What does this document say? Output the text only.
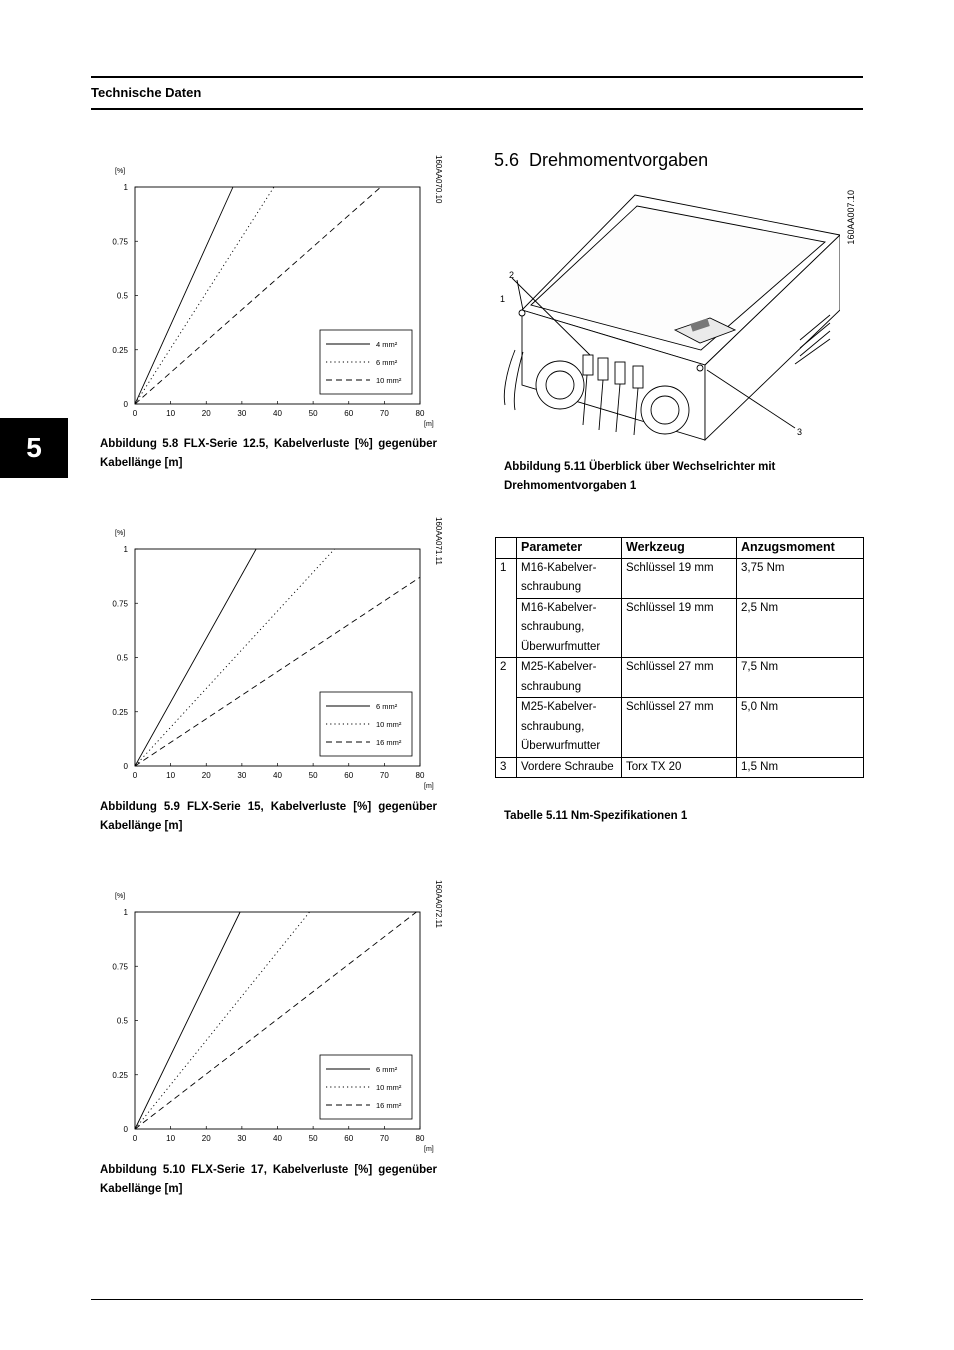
Technische Daten
5
0	10	20	30	40	50	60	70	80
0
0.25
0.5
0.75
1
[%]
[m]
160AA070.10
4 mm²
6 mm²
10 mm²
Abbildung 5.8 FLX-Serie 12.5, Kabelverluste [%] gegenüber Kabellänge [m]
0	10	20	30	40	50	60	70	80
0
0.25
0.5
0.75
1
[%]
[m]
160AA071.11
6 mm²
10 mm²
16 mm²
Abbildung 5.9 FLX-Serie 15, Kabelverluste [%] gegenüber Kabellänge [m]
0	10	20	30	40	50	60	70	80
0
0.25
0.5
0.75
1
[%]
[m]
160AA072.11
6 mm²
10 mm²
16 mm²
Abbildung 5.10 FLX-Serie 17, Kabelverluste [%] gegenüber Kabellänge [m]
5.6 Drehmomentvorgaben
160AA007.10
2
1
3
Abbildung 5.11 Überblick über Wechselrichter mit Drehmomentvorgaben 1
	Parameter	Werkzeug	Anzugsmoment
1	M16-Kabelver-schraubung	Schlüssel 19 mm	3,75 Nm
	M16-Kabelver-schraubung, Überwurfmutter	Schlüssel 19 mm	2,5 Nm
2	M25-Kabelver-schraubung	Schlüssel 27 mm	7,5 Nm
	M25-Kabelver-schraubung, Überwurfmutter	Schlüssel 27 mm	5,0 Nm
3	Vordere Schraube	Torx TX 20	1,5 Nm
Tabelle 5.11 Nm-Spezifikationen 1
